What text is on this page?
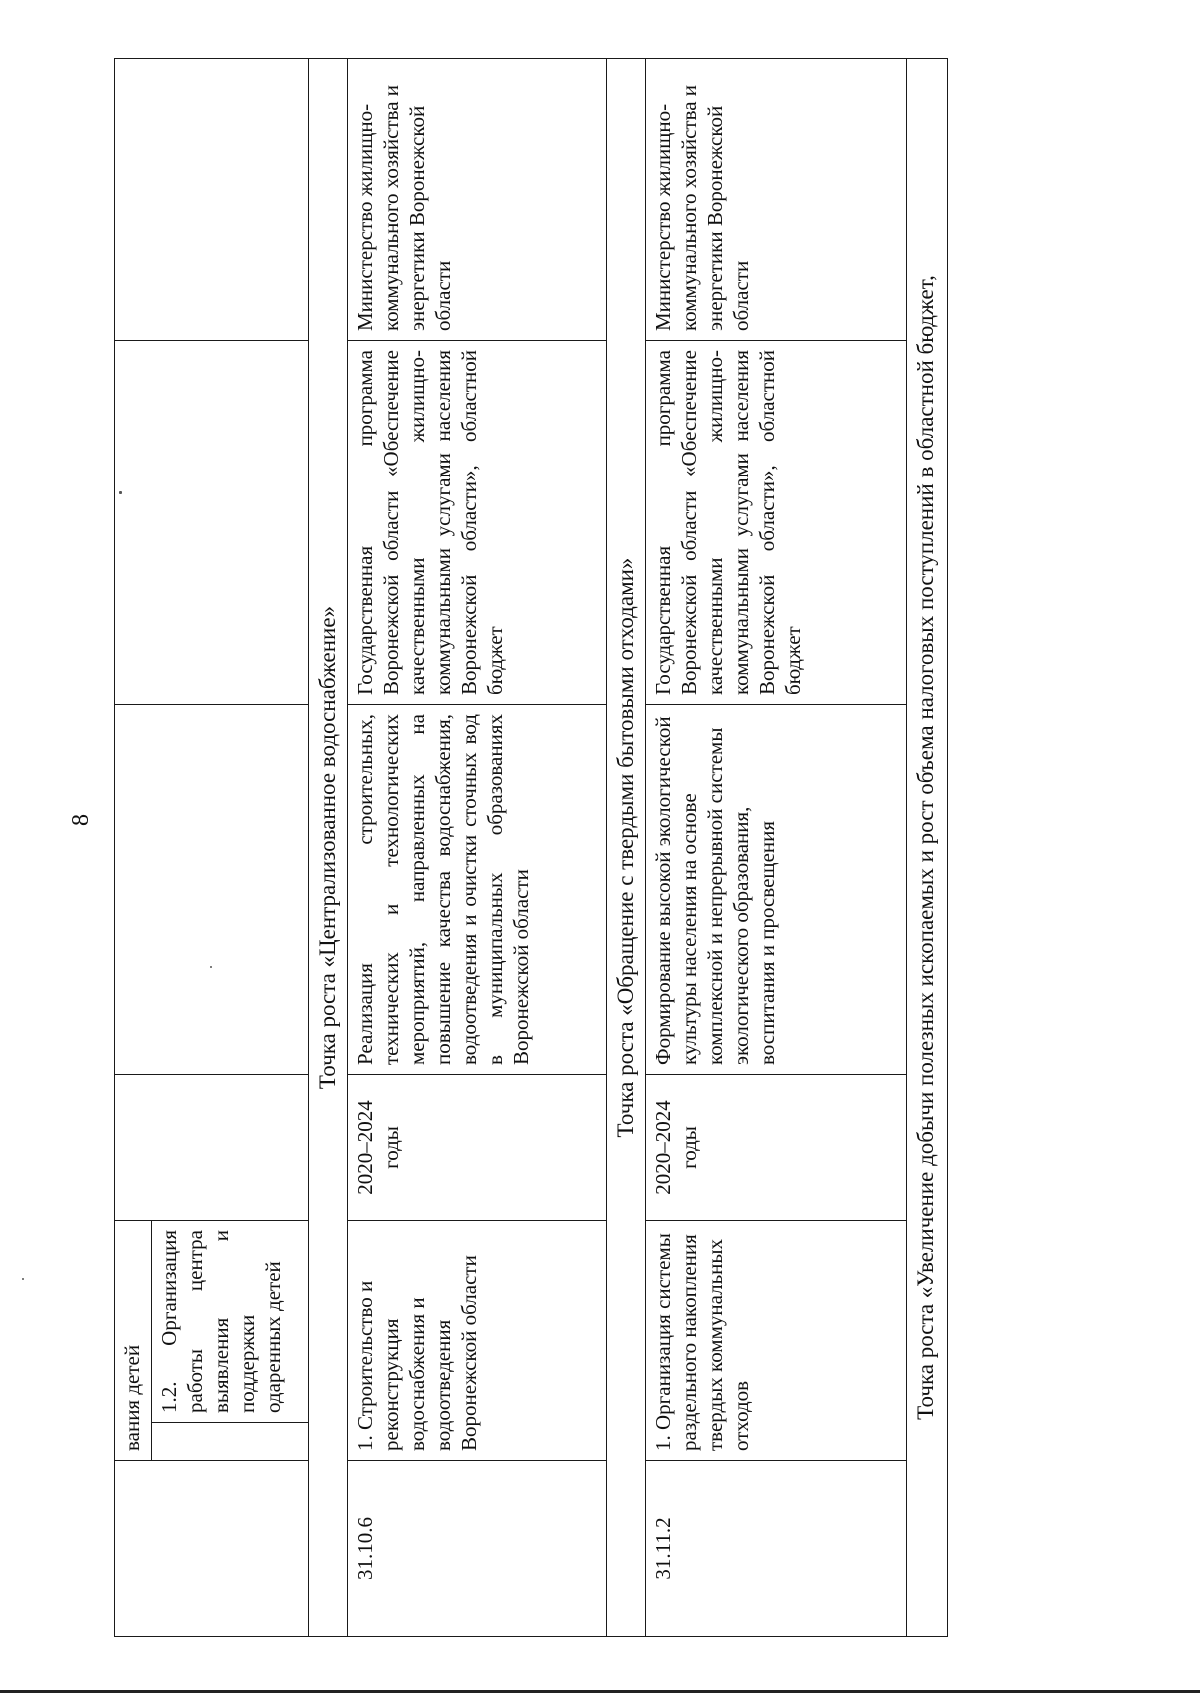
8
	вания детей					
		1.2. Организация работы центра выявления и поддержки одаренных детей				
Точка роста «Централизованное водоснабжение»						
31.10.6	1. Строительство и реконструкция водоснабжения и водоотведения Воронежской области		2020–2024 годы	Реализация строительных, технических и технологических мероприятий, направленных на повышение качества водоснабжения, водоотведения и очистки сточных вод в муниципальных образованиях Воронежской области	Государственная программа Воронежской области «Обеспечение качественными жилищно-коммунальными услугами населения Воронежской области», областной бюджет	Министерство жилищно-коммунального хозяйства и энергетики Воронежской области
Точка роста «Обращение с твердыми бытовыми отходами»						
31.11.2	1. Организация системы раздельного накопления твердых коммунальных отходов		2020–2024 годы	Формирование высокой экологической культуры населения на основе комплексной и непрерывной системы экологического образования, воспитания и просвещения	Государственная программа Воронежской области «Обеспечение качественными жилищно-коммунальными услугами населения Воронежской области», областной бюджет	Министерство жилищно-коммунального хозяйства и энергетики Воронежской области
Точка роста «Увеличение добычи полезных ископаемых и рост объема налоговых поступлений в областной бюджет,						
